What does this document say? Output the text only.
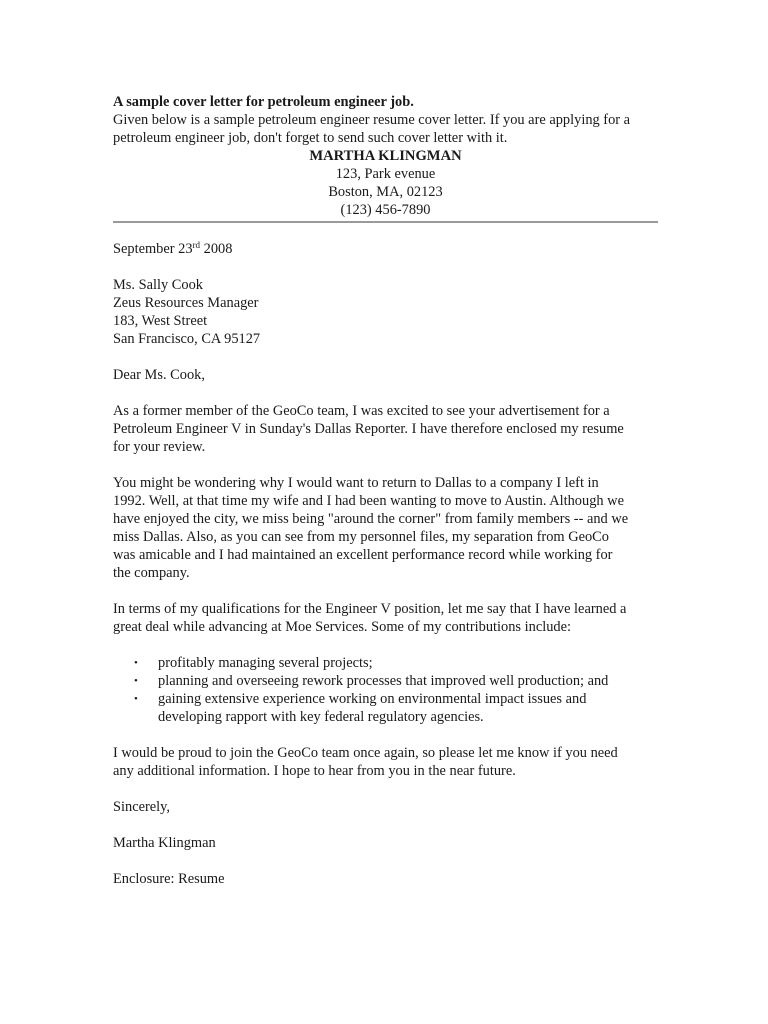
A sample cover letter for petroleum engineer job.
Given below is a sample petroleum engineer resume cover letter. If you are applying for a
petroleum engineer job, don't forget to send such cover letter with it.
MARTHA KLINGMAN
123, Park evenue
Boston, MA, 02123
(123) 456-7890
September 23rd 2008
Ms. Sally Cook
Zeus Resources Manager
183, West Street
San Francisco, CA 95127
Dear Ms. Cook,
As a former member of the GeoCo team, I was excited to see your advertisement for a
Petroleum Engineer V in Sunday's Dallas Reporter. I have therefore enclosed my resume
for your review.
You might be wondering why I would want to return to Dallas to a company I left in
1992. Well, at that time my wife and I had been wanting to move to Austin. Although we
have enjoyed the city, we miss being "around the corner" from family members -- and we
miss Dallas. Also, as you can see from my personnel files, my separation from GeoCo
was amicable and I had maintained an excellent performance record while working for
the company.
In terms of my qualifications for the Engineer V position, let me say that I have learned a
great deal while advancing at Moe Services. Some of my contributions include:
• profitably managing several projects;
• planning and overseeing rework processes that improved well production; and
• gaining extensive experience working on environmental impact issues and
developing rapport with key federal regulatory agencies.
I would be proud to join the GeoCo team once again, so please let me know if you need
any additional information. I hope to hear from you in the near future.
Sincerely,
Martha Klingman
Enclosure: Resume
